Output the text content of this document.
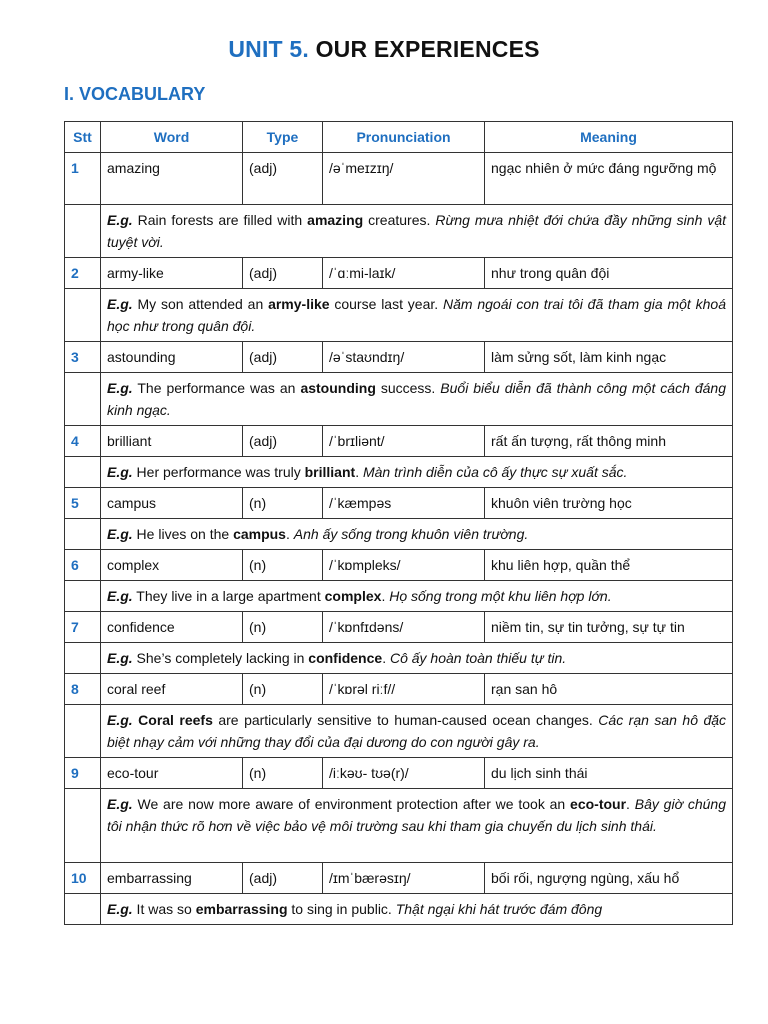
UNIT 5. OUR EXPERIENCES
I. VOCABULARY
Stt	Word	Type	Pronunciation	Meaning
1	amazing	(adj)	/əˈmeɪzɪŋ/	ngạc nhiên ở mức đáng ngưỡng mộ
	E.g. Rain forests are filled with amazing creatures. Rừng mưa nhiệt đới chứa đầy những sinh vật tuyệt vời.			
2	army-like	(adj)	/ˈɑːmi-laɪk/	như trong quân đội
	E.g. My son attended an army-like course last year. Năm ngoái con trai tôi đã tham gia một khoá học như trong quân đội.			
3	astounding	(adj)	/əˈstaʊndɪŋ/	làm sửng sốt, làm kinh ngạc
	E.g. The performance was an astounding success. Buổi biểu diễn đã thành công một cách đáng kinh ngạc.			
4	brilliant	(adj)	/ˈbrɪliənt/	rất ấn tượng, rất thông minh
	E.g. Her performance was truly brilliant. Màn trình diễn của cô ấy thực sự xuất sắc.			
5	campus	(n)	/ˈkæmpəs	khuôn viên trường học
	E.g. He lives on the campus. Anh ấy sống trong khuôn viên trường.			
6	complex	(n)	/ˈkɒmpleks/	khu liên hợp, quần thể
	E.g. They live in a large apartment complex. Họ sống trong một khu liên hợp lớn.			
7	confidence	(n)	/ˈkɒnfɪdəns/	niềm tin, sự tin tưởng, sự tự tin
	E.g. She’s completely lacking in confidence. Cô ấy hoàn toàn thiếu tự tin.			
8	coral reef	(n)	/ˈkɒrəl riːf//	rạn san hô
	E.g. Coral reefs are particularly sensitive to human-caused ocean changes. Các rạn san hô đặc biệt nhạy cảm với những thay đổi của đại dương do con người gây ra.			
9	eco-tour	(n)	/iːkəʊ- tʊə(r)/	du lịch sinh thái
	E.g. We are now more aware of environment protection after we took an eco-tour. Bây giờ chúng tôi nhận thức rõ hơn về việc bảo vệ môi trường sau khi tham gia chuyến du lịch sinh thái.			
10	embarrassing	(adj)	/ɪmˈbærəsɪŋ/	bối rối, ngượng ngùng, xấu hổ
	E.g. It was so embarrassing to sing in public. Thật ngại khi hát trước đám đông			
